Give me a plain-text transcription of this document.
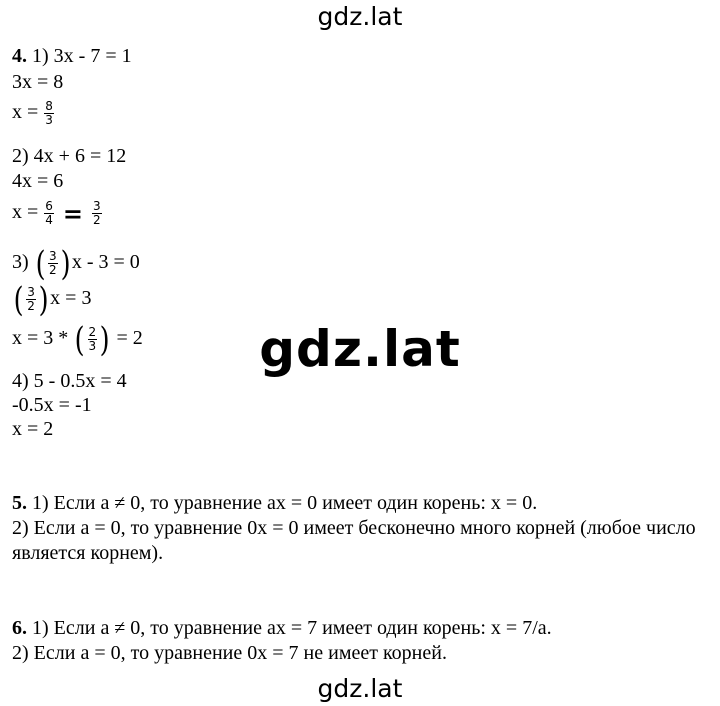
gdz.lat
4. 1) 3x - 7 = 1
3x = 8
$x = \frac{8}{3}$
2) 4x + 6 = 12
4x = 6
$x = \frac{6}{4} = \frac{3}{2}$
3) ( $\frac{3}{2}$ ) x - 3 = 0
( $\frac{3}{2}$ ) x = 3
x = 3 * ( $\frac{2}{3}$ ) = 2
4) 5 - 0.5x = 4
-0.5x = -1
x = 2
gdz.lat
5. 1) Если a ≠ 0, то уравнение ax = 0 имеет один корень: x = 0.
2) Если a = 0, то уравнение 0x = 0 имеет бесконечно много корней (любое число
является корнем).
6. 1) Если a ≠ 0, то уравнение ax = 7 имеет один корень: x = 7/a.
2) Если a = 0, то уравнение 0x = 7 не имеет корней.
gdz.lat
